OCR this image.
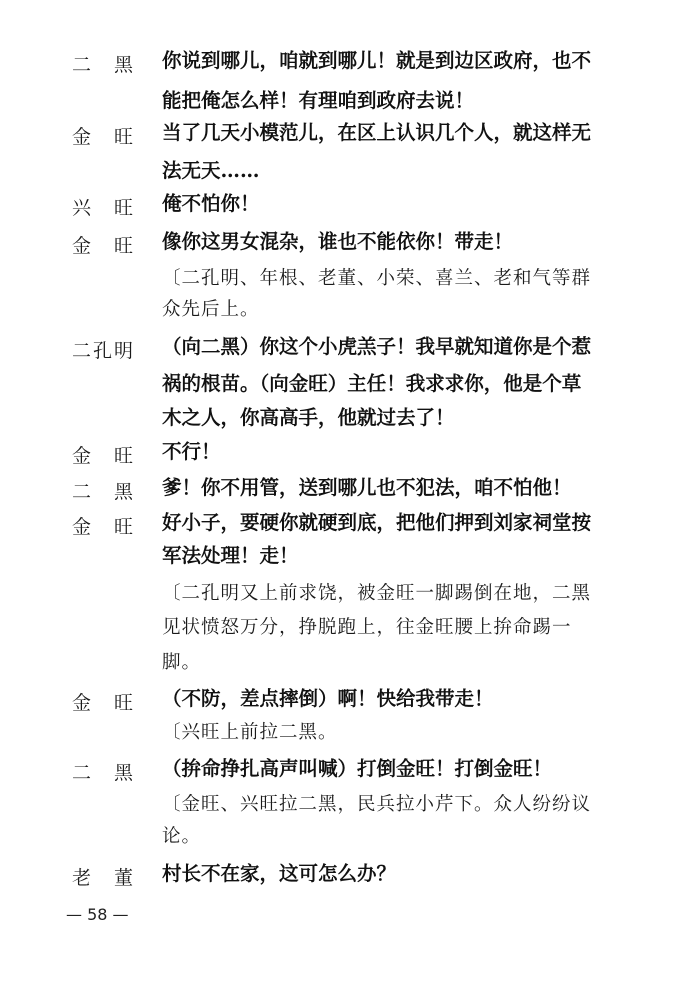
二　黑	你说到哪儿，咱就到哪儿！就是到边区政府，也不
能把俺怎么样！有理咱到政府去说！
金　旺	当了几天小模范儿，在区上认识几个人，就这样无
法无天……
兴　旺	俺不怕你！
金　旺	像你这男女混杂，谁也不能依你！带走！
〔二孔明、年根、老董、小荣、喜兰、老和气等群
众先后上。
二孔明	（向二黑）你这个小虎羔子！我早就知道你是个惹
祸的根苗。（向金旺）主任！我求求你，他是个草
木之人，你高高手，他就过去了！
金　旺	不行！
二　黑	爹！你不用管，送到哪儿也不犯法，咱不怕他！
金　旺	好小子，要硬你就硬到底，把他们押到刘家祠堂按
军法处理！走！
〔二孔明又上前求饶，被金旺一脚踢倒在地，二黑
见状愤怒万分，挣脱跑上，往金旺腰上拚命踢一
脚。
金　旺	（不防，差点摔倒）啊！快给我带走！
〔兴旺上前拉二黑。
二　黑	（拚命挣扎高声叫喊）打倒金旺！打倒金旺！
〔金旺、兴旺拉二黑，民兵拉小芹下。众人纷纷议
论。
老　董	村长不在家，这可怎么办？
— 58 —
